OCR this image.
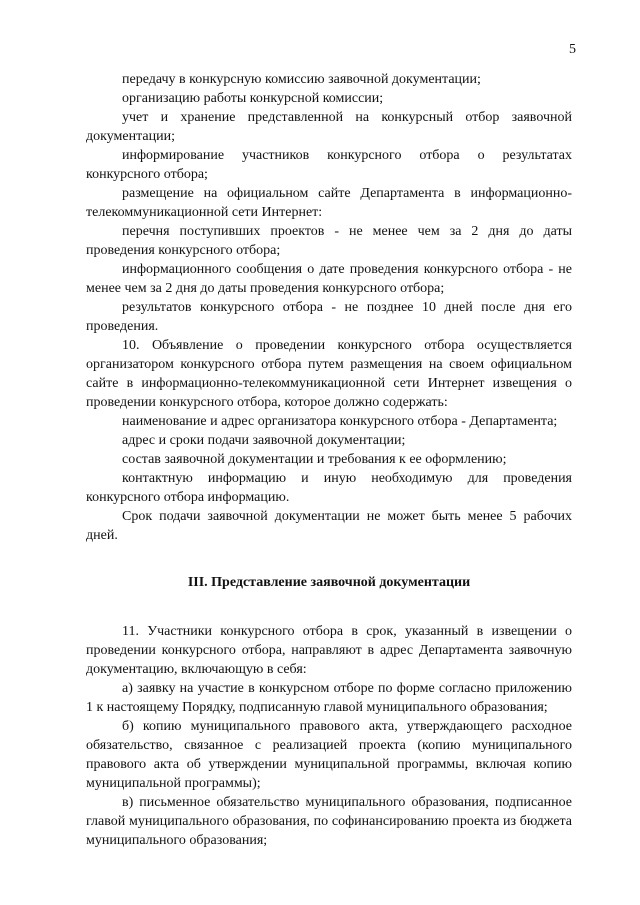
5

передачу в конкурсную комиссию заявочной документации;

организацию работы конкурсной комиссии;

учет и хранение представленной на конкурсный отбор заявочной документации;

информирование участников конкурсного отбора о результатах конкурсного отбора;

размещение на официальном сайте Департамента в информационно-телекоммуникационной сети Интернет:

перечня поступивших проектов - не менее чем за 2 дня до даты проведения конкурсного отбора;

информационного сообщения о дате проведения конкурсного отбора - не менее чем за 2 дня до даты проведения конкурсного отбора;

результатов конкурсного отбора - не позднее 10 дней после дня его проведения.

10. Объявление о проведении конкурсного отбора осуществляется организатором конкурсного отбора путем размещения на своем официальном сайте в информационно-телекоммуникационной сети Интернет извещения о проведении конкурсного отбора, которое должно содержать:

наименование и адрес организатора конкурсного отбора - Департамента;

адрес и сроки подачи заявочной документации;

состав заявочной документации и требования к ее оформлению;

контактную информацию и иную необходимую для проведения конкурсного отбора информацию.

Срок подачи заявочной документации не может быть менее 5 рабочих дней.

III. Представление заявочной документации

11. Участники конкурсного отбора в срок, указанный в извещении о проведении конкурсного отбора, направляют в адрес Департамента заявочную документацию, включающую в себя:

а) заявку на участие в конкурсном отборе по форме согласно приложению 1 к настоящему Порядку, подписанную главой муниципального образования;

б) копию муниципального правового акта, утверждающего расходное обязательство, связанное с реализацией проекта (копию муниципального правового акта об утверждении муниципальной программы, включая копию муниципальной программы);

в) письменное обязательство муниципального образования, подписанное главой муниципального образования, по софинансированию проекта из бюджета муниципального образования;
